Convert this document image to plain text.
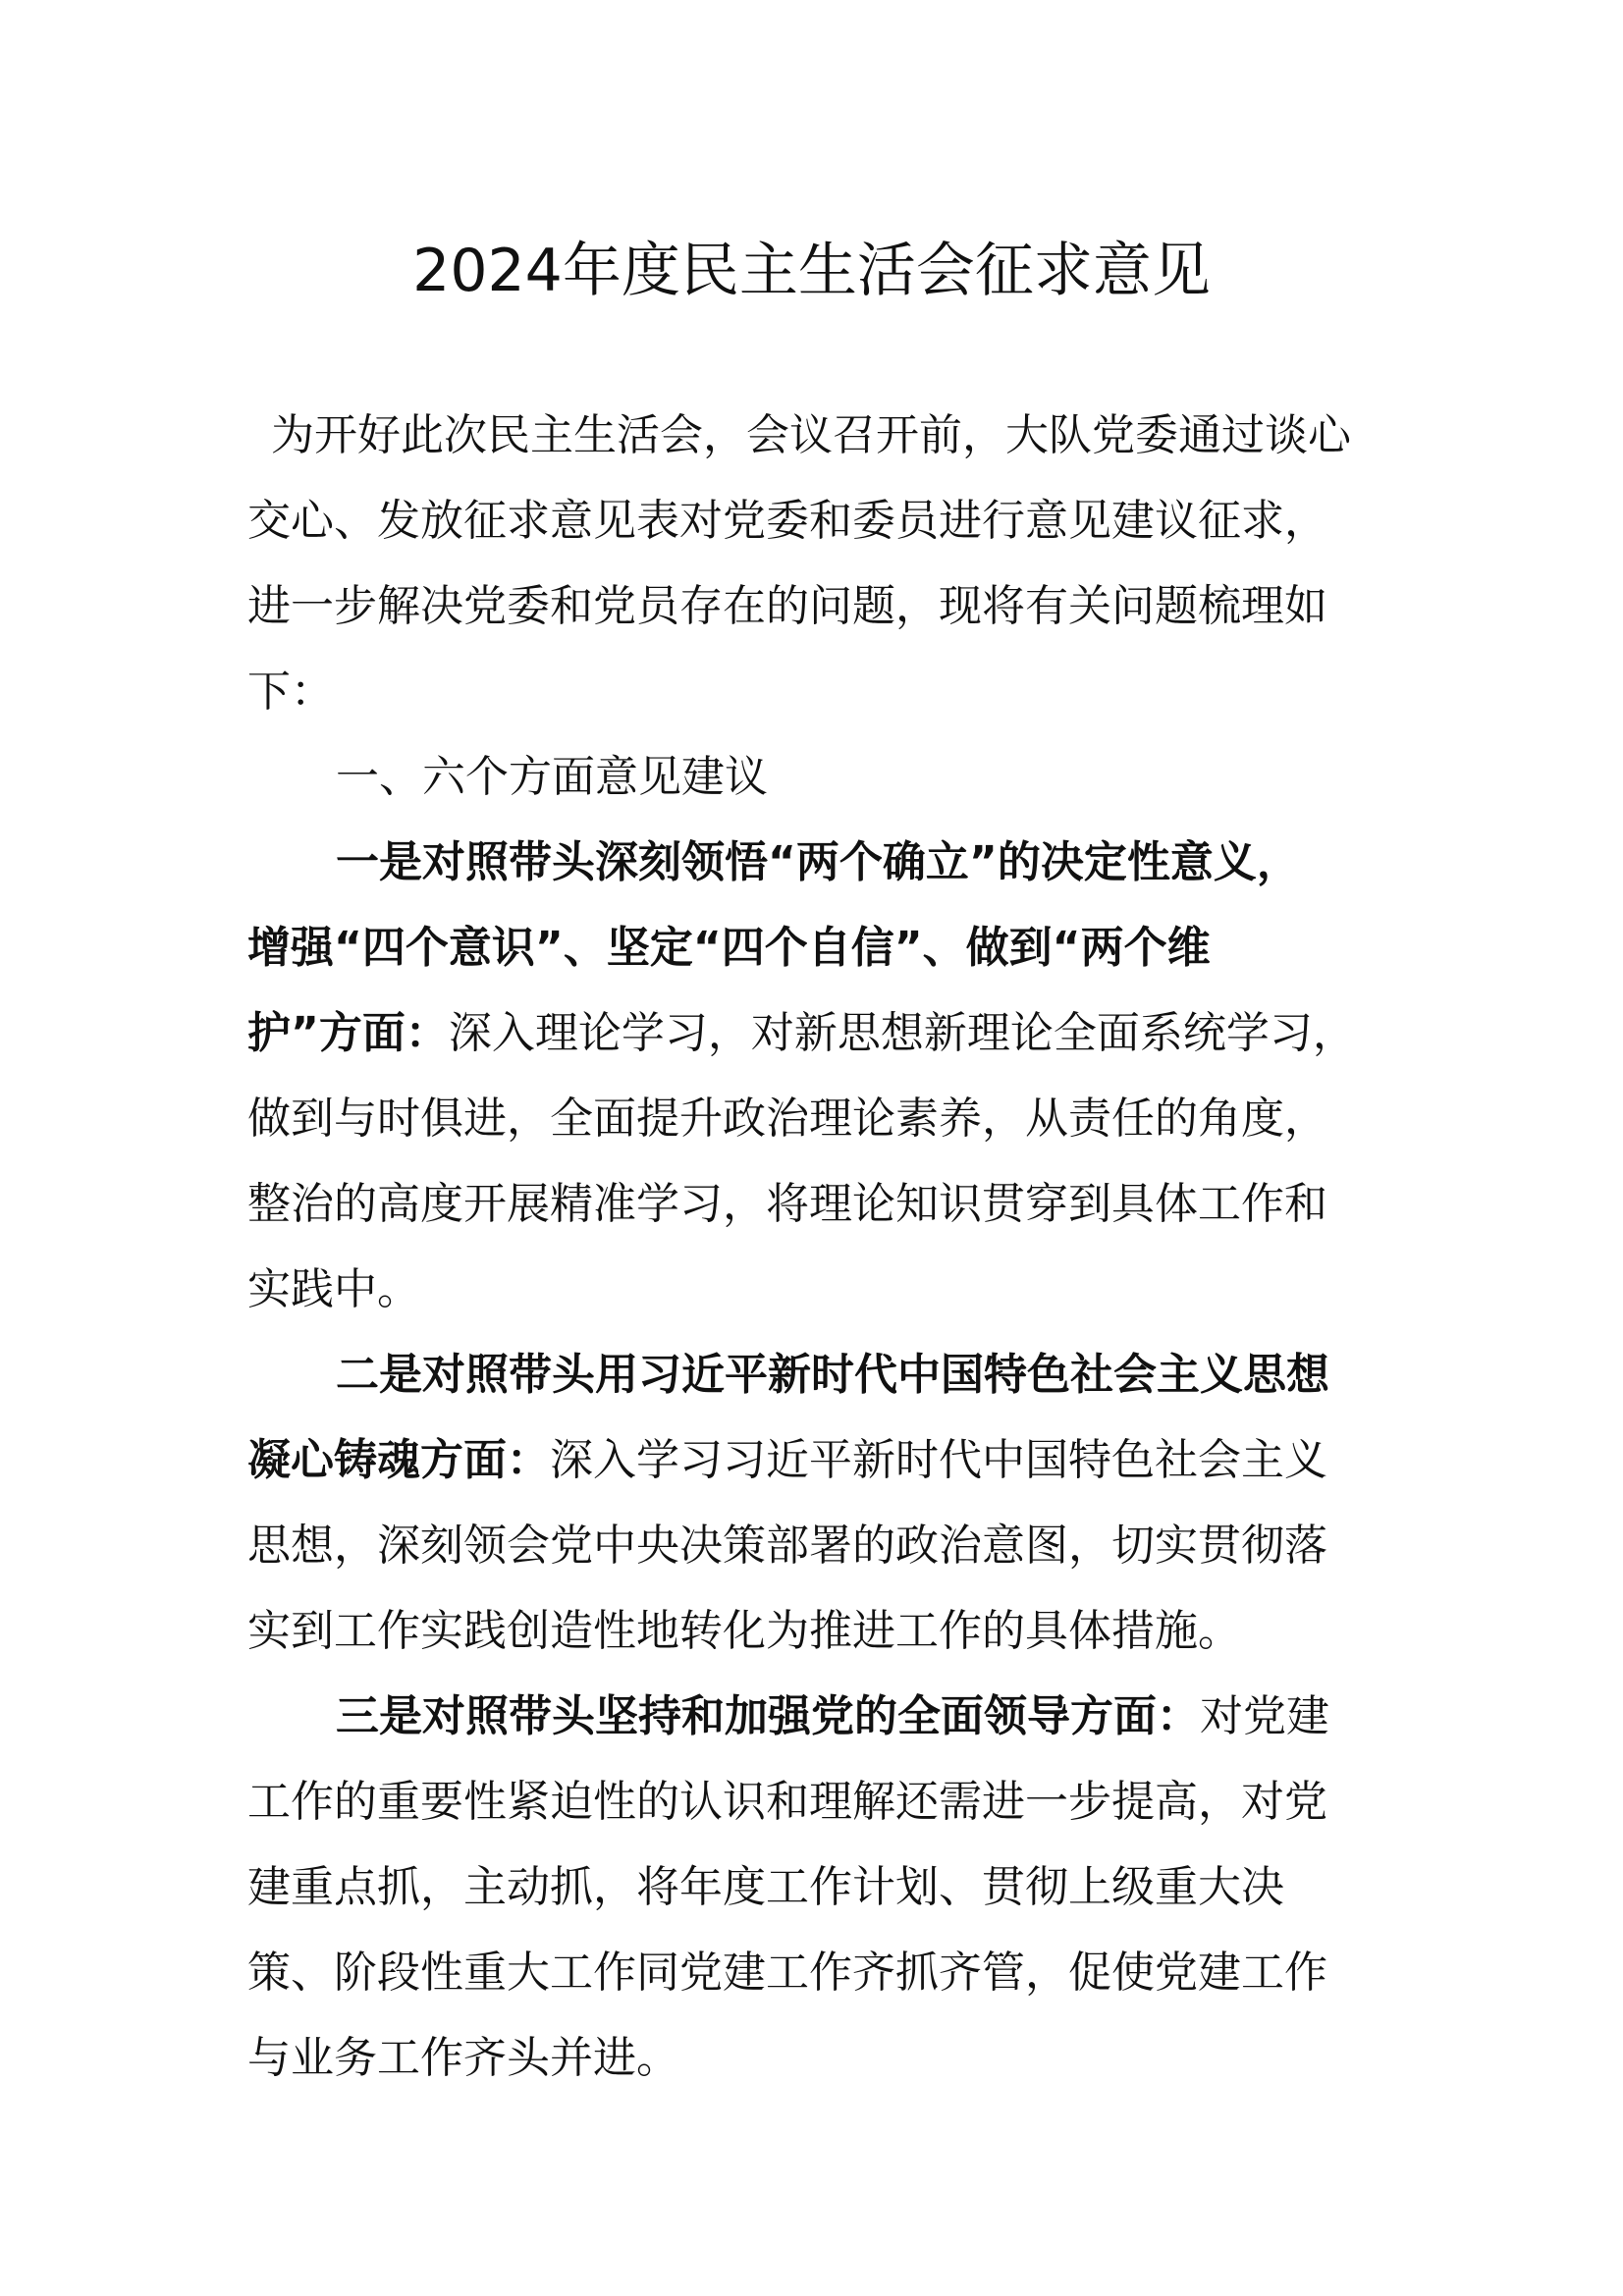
2024年度民主生活会征求意见
为开好此次民主生活会，会议召开前，大队党委通过谈心
交心、发放征求意见表对党委和委员进行意见建议征求，
进一步解决党委和党员存在的问题，现将有关问题梳理如
下：
一、六个方面意见建议
一是对照带头深刻领悟“两个确立”的决定性意义，
增强“四个意识”、坚定“四个自信”、做到“两个维
护”方面：深入理论学习，对新思想新理论全面系统学习，
做到与时俱进，全面提升政治理论素养，从责任的角度，
整治的高度开展精准学习，将理论知识贯穿到具体工作和
实践中。
二是对照带头用习近平新时代中国特色社会主义思想
凝心铸魂方面：深入学习习近平新时代中国特色社会主义
思想，深刻领会党中央决策部署的政治意图，切实贯彻落
实到工作实践创造性地转化为推进工作的具体措施。
三是对照带头坚持和加强党的全面领导方面：对党建
工作的重要性紧迫性的认识和理解还需进一步提高，对党
建重点抓，主动抓，将年度工作计划、贯彻上级重大决
策、阶段性重大工作同党建工作齐抓齐管，促使党建工作
与业务工作齐头并进。
